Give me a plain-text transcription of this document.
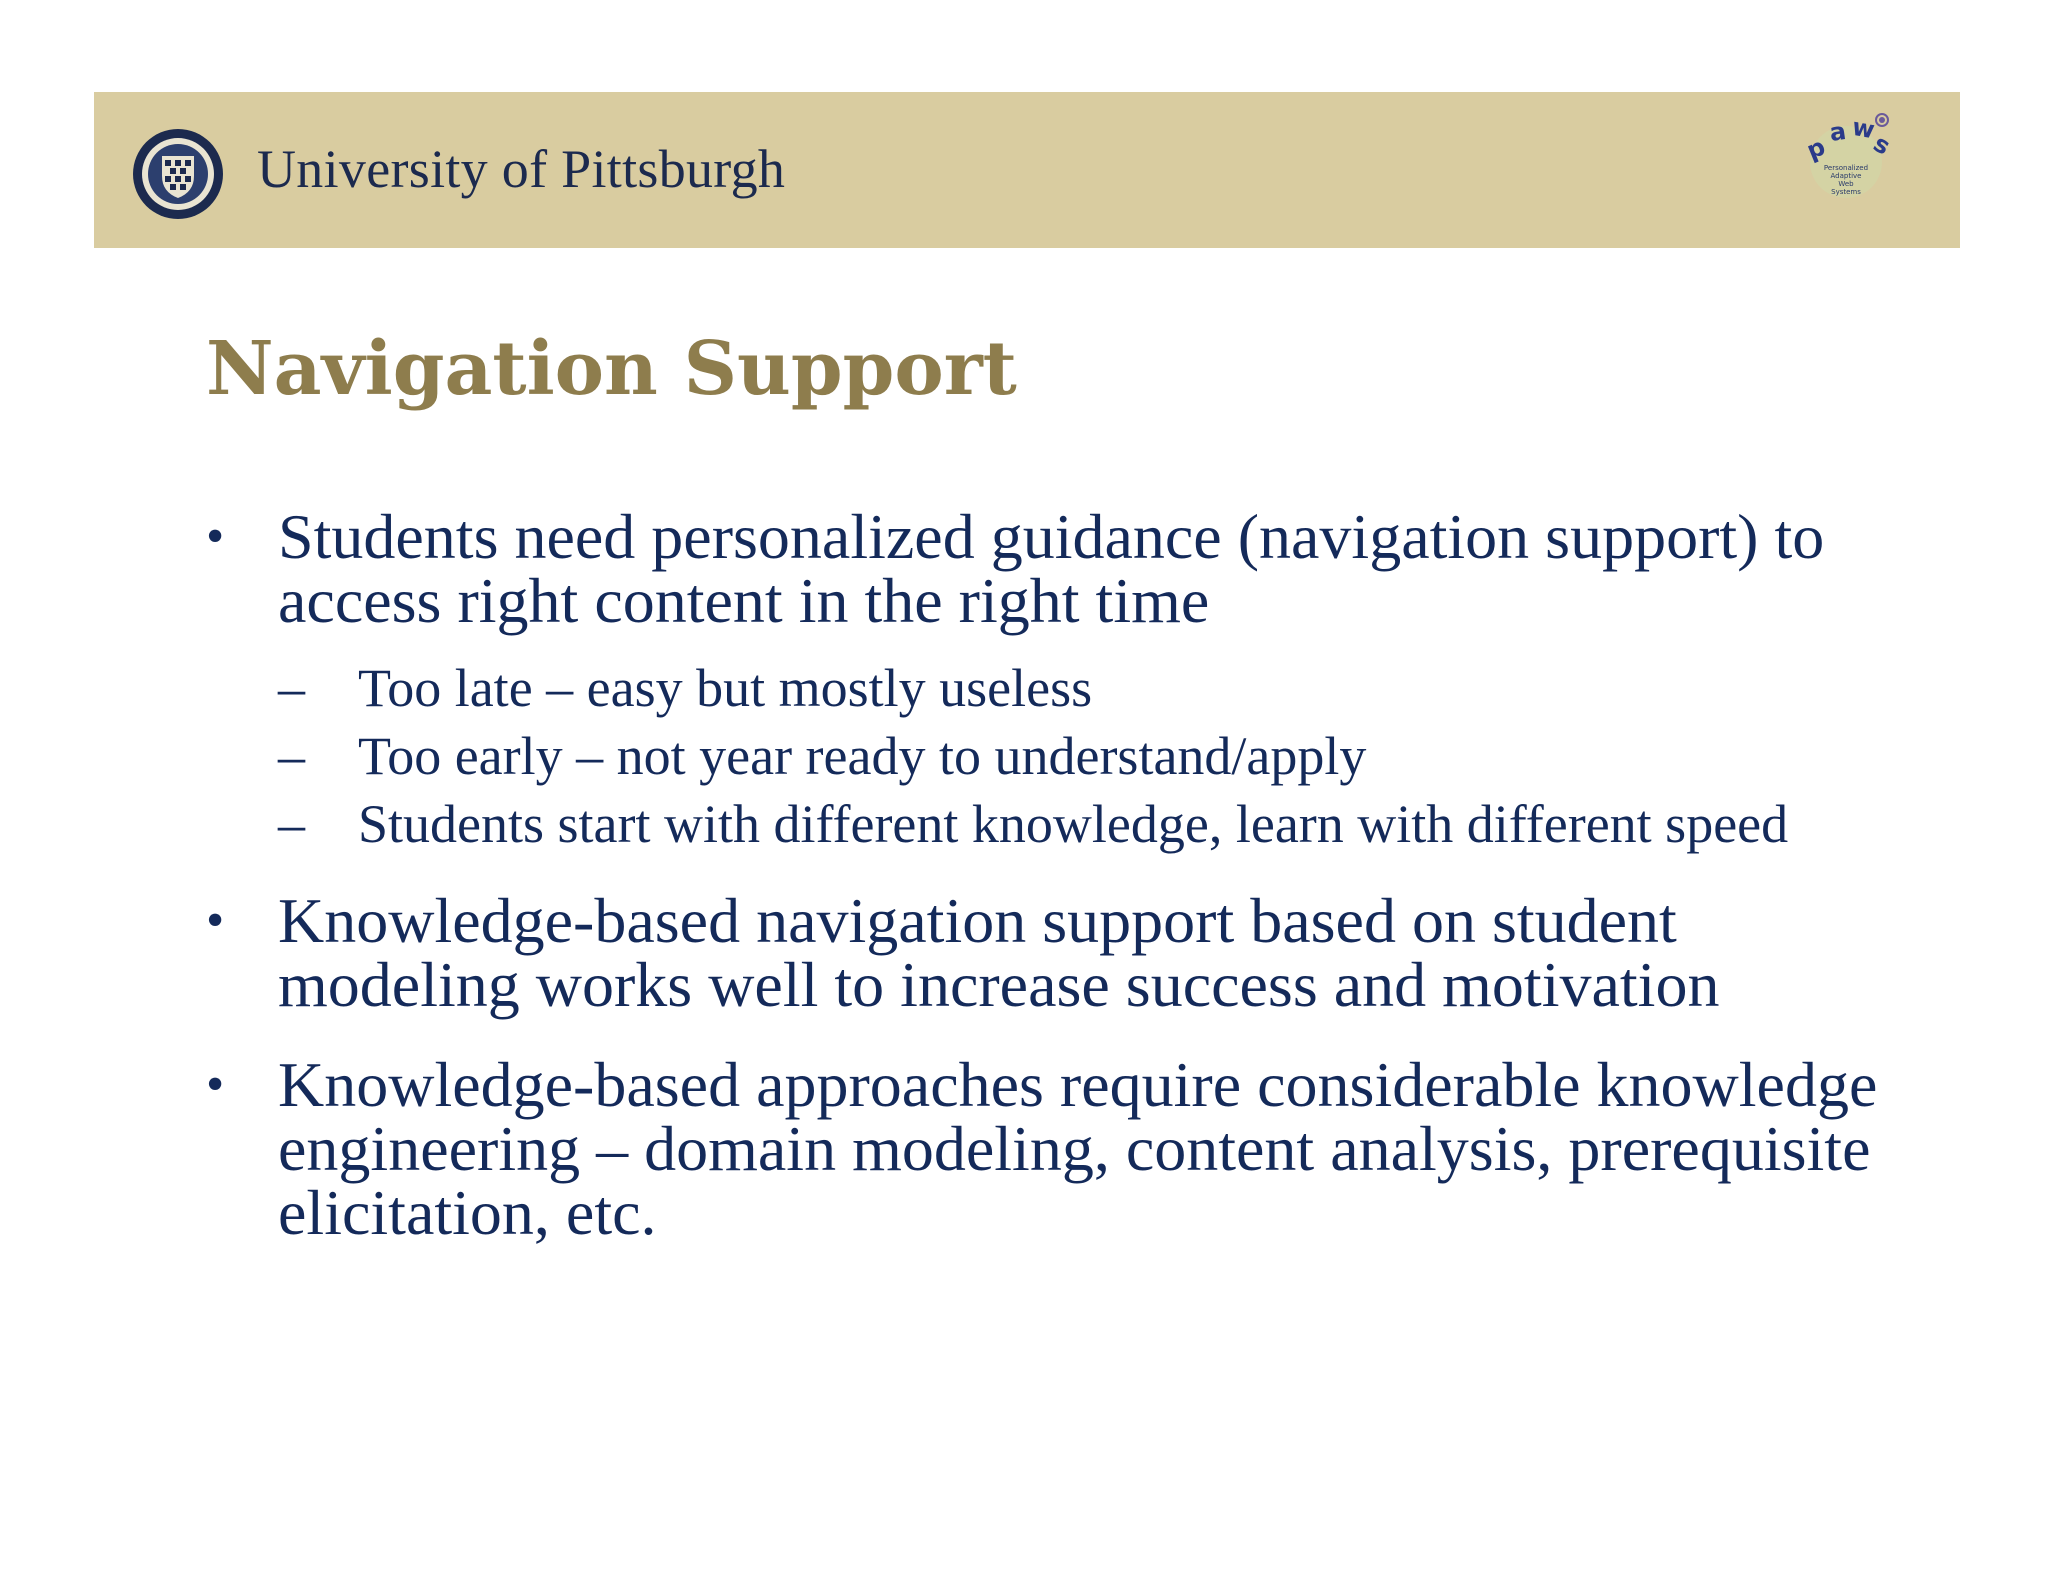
University of Pittsburgh	p
a w
s
Personalized
Adaptive
Web
Systems
Navigation Support
• Students need personalized guidance (navigation support) to access right content in the right time
– Too late – easy but mostly useless
– Too early – not year ready to understand/apply
– Students start with different knowledge, learn with different speed
• Knowledge-based navigation support based on student modeling works well to increase success and motivation
• Knowledge-based approaches require considerable knowledge engineering – domain modeling, content analysis, prerequisite elicitation, etc.
